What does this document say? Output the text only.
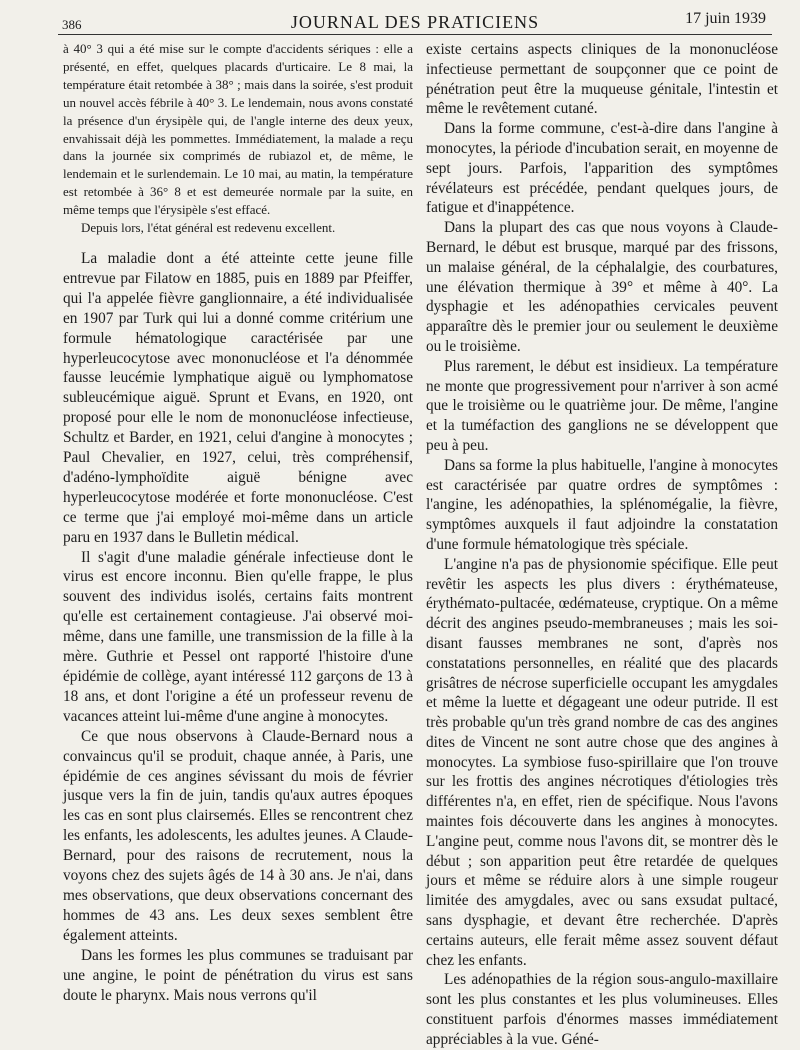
386	JOURNAL DES PRATICIENS	17 juin 1939

à 40° 3 qui a été mise sur le compte d'accidents sériques : elle a présenté, en effet, quelques placards d'urticaire. Le 8 mai, la température était retombée à 38° ; mais dans la soirée, s'est produit un nouvel accès fébrile à 40° 3. Le lendemain, nous avons constaté la présence d'un érysipèle qui, de l'angle interne des deux yeux, envahissait déjà les pommettes. Immédiatement, la malade a reçu dans la journée six comprimés de rubiazol et, de même, le lendemain et le surlendemain. Le 10 mai, au matin, la température est retombée à 36° 8 et est demeurée normale par la suite, en même temps que l'érysipèle s'est effacé.

Depuis lors, l'état général est redevenu excellent.

La maladie dont a été atteinte cette jeune fille entrevue par Filatow en 1885, puis en 1889 par Pfeiffer, qui l'a appelée fièvre ganglionnaire, a été individualisée en 1907 par Turk qui lui a donné comme critérium une formule hématologique caractérisée par une hyperleucocytose avec mononucléose et l'a dénommée fausse leucémie lymphatique aiguë ou lymphomatose subleucémique aiguë. Sprunt et Evans, en 1920, ont proposé pour elle le nom de mononucléose infectieuse, Schultz et Barder, en 1921, celui d'angine à monocytes ; Paul Chevalier, en 1927, celui, très compréhensif, d'adéno-lymphoïdite aiguë bénigne avec hyperleucocytose modérée et forte mononucléose. C'est ce terme que j'ai employé moi-même dans un article paru en 1937 dans le Bulletin médical.

Il s'agit d'une maladie générale infectieuse dont le virus est encore inconnu. Bien qu'elle frappe, le plus souvent des individus isolés, certains faits montrent qu'elle est certainement contagieuse. J'ai observé moi-même, dans une famille, une transmission de la fille à la mère. Guthrie et Pessel ont rapporté l'histoire d'une épidémie de collège, ayant intéressé 112 garçons de 13 à 18 ans, et dont l'origine a été un professeur revenu de vacances atteint lui-même d'une angine à monocytes.

Ce que nous observons à Claude-Bernard nous a convaincus qu'il se produit, chaque année, à Paris, une épidémie de ces angines sévissant du mois de février jusque vers la fin de juin, tandis qu'aux autres époques les cas en sont plus clairsemés. Elles se rencontrent chez les enfants, les adolescents, les adultes jeunes. A Claude-Bernard, pour des raisons de recrutement, nous la voyons chez des sujets âgés de 14 à 30 ans. Je n'ai, dans mes observations, que deux observations concernant des hommes de 43 ans. Les deux sexes semblent être également atteints.

Dans les formes les plus communes se traduisant par une angine, le point de pénétration du virus est sans doute le pharynx. Mais nous verrons qu'il

existe certains aspects cliniques de la mononucléose infectieuse permettant de soupçonner que ce point de pénétration peut être la muqueuse génitale, l'intestin et même le revêtement cutané.

Dans la forme commune, c'est-à-dire dans l'angine à monocytes, la période d'incubation serait, en moyenne de sept jours. Parfois, l'apparition des symptômes révélateurs est précédée, pendant quelques jours, de fatigue et d'inappétence.

Dans la plupart des cas que nous voyons à Claude-Bernard, le début est brusque, marqué par des frissons, un malaise général, de la céphalalgie, des courbatures, une élévation thermique à 39° et même à 40°. La dysphagie et les adénopathies cervicales peuvent apparaître dès le premier jour ou seulement le deuxième ou le troisième.

Plus rarement, le début est insidieux. La température ne monte que progressivement pour n'arriver à son acmé que le troisième ou le quatrième jour. De même, l'angine et la tuméfaction des ganglions ne se développent que peu à peu.

Dans sa forme la plus habituelle, l'angine à monocytes est caractérisée par quatre ordres de symptômes : l'angine, les adénopathies, la splénomégalie, la fièvre, symptômes auxquels il faut adjoindre la constatation d'une formule hématologique très spéciale.

L'angine n'a pas de physionomie spécifique. Elle peut revêtir les aspects les plus divers : érythémateuse, érythémato-pultacée, œdémateuse, cryptique. On a même décrit des angines pseudo-membraneuses ; mais les soi-disant fausses membranes ne sont, d'après nos constatations personnelles, en réalité que des placards grisâtres de nécrose superficielle occupant les amygdales et même la luette et dégageant une odeur putride. Il est très probable qu'un très grand nombre de cas des angines dites de Vincent ne sont autre chose que des angines à monocytes. La symbiose fuso-spirillaire que l'on trouve sur les frottis des angines nécrotiques d'étiologies très différentes n'a, en effet, rien de spécifique. Nous l'avons maintes fois découverte dans les angines à monocytes. L'angine peut, comme nous l'avons dit, se montrer dès le début ; son apparition peut être retardée de quelques jours et même se réduire alors à une simple rougeur limitée des amygdales, avec ou sans exsudat pultacé, sans dysphagie, et devant être recherchée. D'après certains auteurs, elle ferait même assez souvent défaut chez les enfants.

Les adénopathies de la région sous-angulo-maxillaire sont les plus constantes et les plus volumineuses. Elles constituent parfois d'énormes masses immédiatement appréciables à la vue. Géné-
